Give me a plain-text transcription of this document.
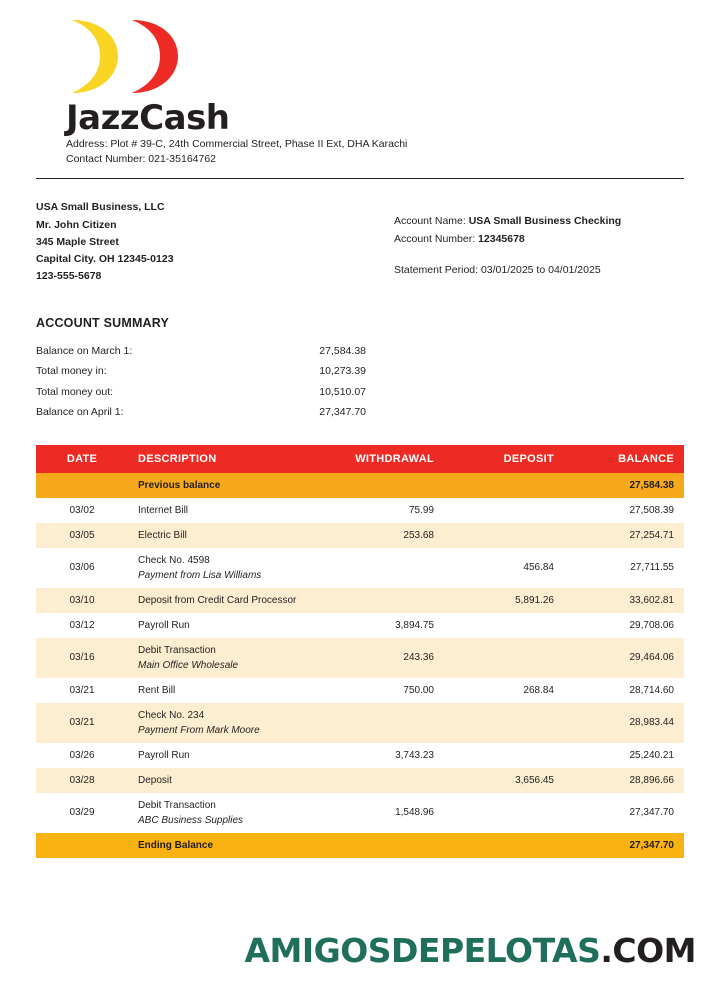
JazzCash
Address: Plot # 39-C, 24th Commercial Street, Phase II Ext, DHA Karachi
Contact Number: 021-35164762
USA Small Business, LLC
Mr. John Citizen
345 Maple Street
Capital City. OH 12345-0123
123-555-5678
Account Name: USA Small Business Checking
Account Number: 12345678
Statement Period: 03/01/2025 to 04/01/2025
ACCOUNT SUMMARY
Balance on March 1:	27,584.38
Total money in:	10,273.39
Total money out:	10,510.07
Balance on April 1:	27,347.70
DATE	DESCRIPTION	WITHDRAWAL	DEPOSIT	BALANCE
	Previous balance			27,584.38
03/02	Internet Bill	75.99		27,508.39
03/05	Electric Bill	253.68		27,254.71
03/06	Check No. 4598
Payment from Lisa Williams		456.84	27,711.55
03/10	Deposit from Credit Card Processor		5,891.26	33,602.81
03/12	Payroll Run	3,894.75		29,708.06
03/16	Debit Transaction
Main Office Wholesale	243.36		29,464.06
03/21	Rent Bill	750.00	268.84	28,714.60
03/21	Check No. 234
Payment From Mark Moore			28,983.44
03/26	Payroll Run	3,743.23		25,240.21
03/28	Deposit		3,656.45	28,896.66
03/29	Debit Transaction
ABC Business Supplies	1,548.96		27,347.70
	Ending Balance			27,347.70
AMIGOSDEPELOTAS.COM
